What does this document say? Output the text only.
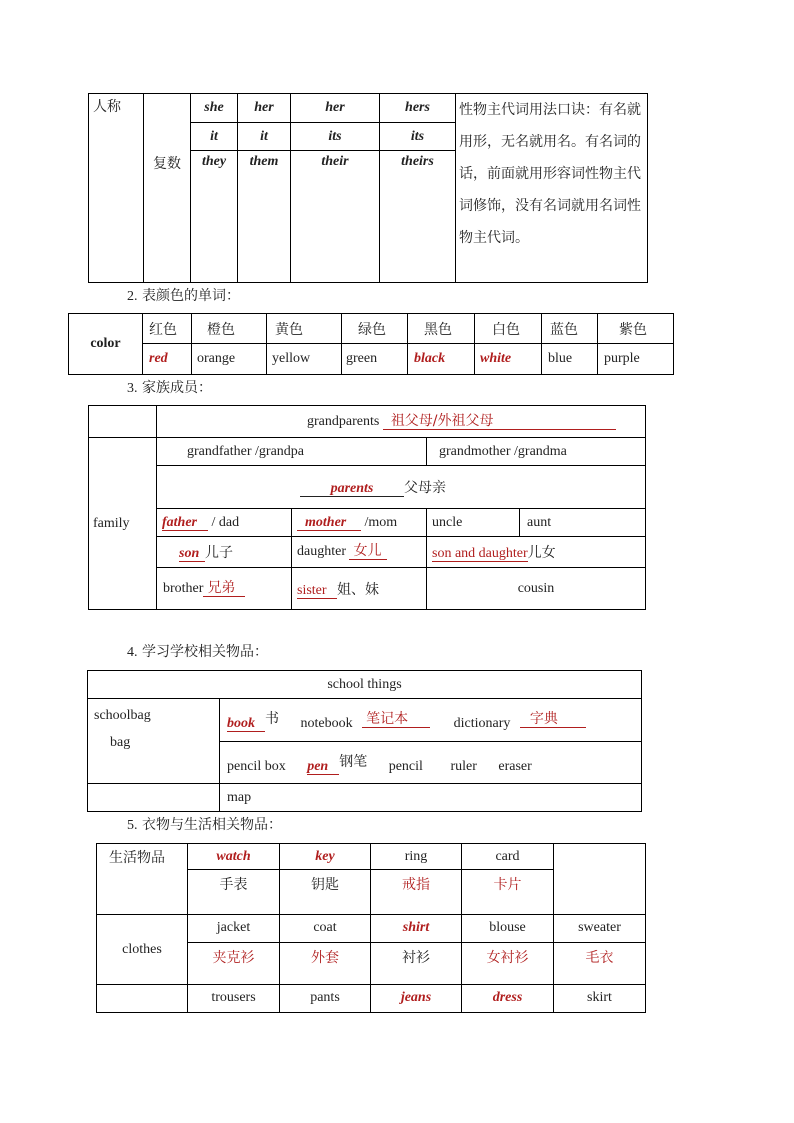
人称		she	her	her	hers	性物主代词用法口诀：有名就用形，无名就用名。有名词的话，前面就用形容词性物主代词修饰，没有名词就用名词性物主代词。
		it	it	its	its	
	复数	they	them	their	theirs	
2. 表颜色的单词：
color	红色	橙色	黄色	绿色	黑色	白色	蓝色	紫色
	red	orange	yellow	green	black	white	blue	purple
3. 家族成员：
	grandparents 祖父母/外祖父母			
family	grandfather /grandpa		grandmother /grandma	
	parents 父母亲			
	father / dad	mother /mom	uncle	aunt
	son 儿子	daughter 女儿	son and daughter儿女	
	brother 兄弟	sister 姐、妹	cousin	
4. 学习学校相关物品：
school things	

schoolbag
bag	book 书 notebook 笔记本 dictionary 字典
	pencil box pen 钢笔 pencil ruler eraser
	map
5. 衣物与生活相关物品：
生活物品	watch	key	ring	card	
	手表	钥匙	戒指	卡片	
clothes	jacket	coat	shirt	blouse	sweater
	夹克衫	外套	衬衫	女衬衫	毛衣
	trousers	pants	jeans	dress	skirt
